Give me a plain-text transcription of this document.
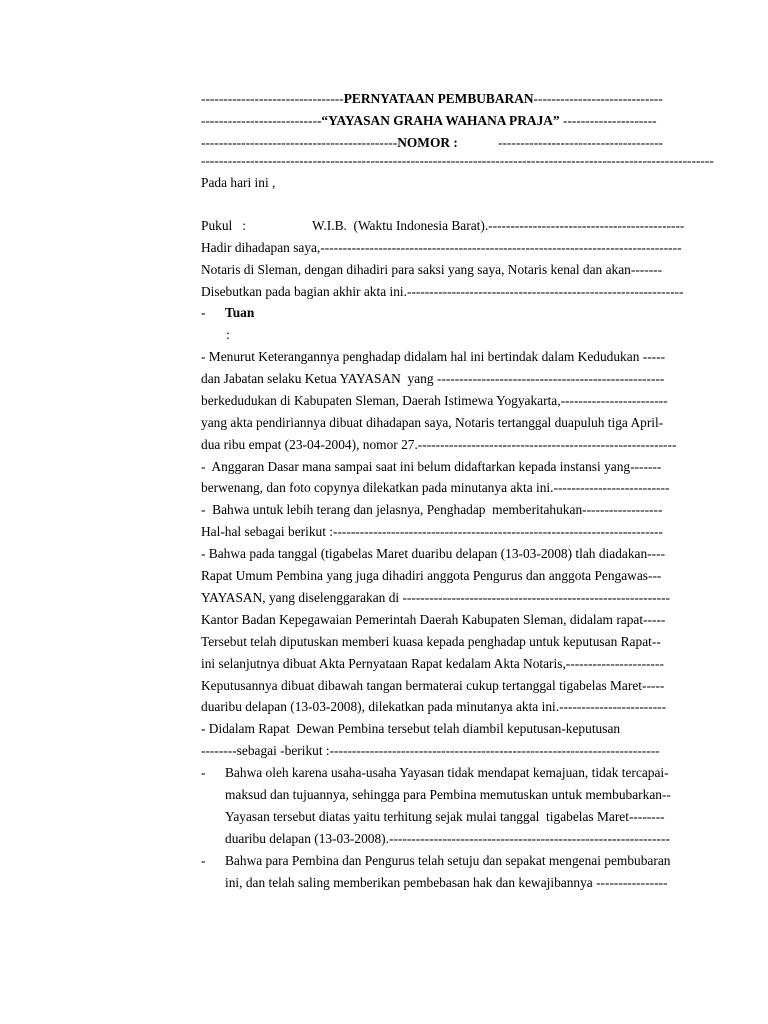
--------------------------------PERNYATAAN PEMBUBARAN-----------------------------
---------------------------“YAYASAN GRAHA WAHANA PRAJA” ---------------------
--------------------------------------------NOMOR :            -------------------------------------
-------------------------------------------------------------------------------------------------------------------
Pada hari ini ,
Pukul   :	W.I.B.  (Waktu Indonesia Barat).--------------------------------------------
Hadir dihadapan saya,---------------------------------------------------------------------------------
Notaris di Sleman, dengan dihadiri para saksi yang saya, Notaris kenal dan akan-------
Disebutkan pada bagian akhir akta ini.--------------------------------------------------------------
- Tuan
:
- Menurut Keterangannya penghadap didalam hal ini bertindak dalam Kedudukan -----
dan Jabatan selaku Ketua YAYASAN  yang ---------------------------------------------------
berkedudukan di Kabupaten Sleman, Daerah Istimewa Yogyakarta,------------------------
yang akta pendiriannya dibuat dihadapan saya, Notaris tertanggal duapuluh tiga April-
dua ribu empat (23-04-2004), nomor 27.----------------------------------------------------------
-  Anggaran Dasar mana sampai saat ini belum didaftarkan kepada instansi yang-------
berwenang, dan foto copynya dilekatkan pada minutanya akta ini.--------------------------
-  Bahwa untuk lebih terang dan jelasnya, Penghadap  memberitahukan------------------
Hal-hal sebagai berikut :--------------------------------------------------------------------------
- Bahwa pada tanggal (tigabelas Maret duaribu delapan (13-03-2008) tlah diadakan----
Rapat Umum Pembina yang juga dihadiri anggota Pengurus dan anggota Pengawas---
YAYASAN, yang diselenggarakan di ------------------------------------------------------------
Kantor Badan Kepegawaian Pemerintah Daerah Kabupaten Sleman, didalam rapat-----
Tersebut telah diputuskan memberi kuasa kepada penghadap untuk keputusan Rapat--
ini selanjutnya dibuat Akta Pernyataan Rapat kedalam Akta Notaris,----------------------
Keputusannya dibuat dibawah tangan bermaterai cukup tertanggal tigabelas Maret-----
duaribu delapan (13-03-2008), dilekatkan pada minutanya akta ini.------------------------
- Didalam Rapat  Dewan Pembina tersebut telah diambil keputusan-keputusan
--------sebagai -berikut :--------------------------------------------------------------------------
- Bahwa oleh karena usaha-usaha Yayasan tidak mendapat kemajuan, tidak tercapai-
maksud dan tujuannya, sehingga para Pembina memutuskan untuk membubarkan--
Yayasan tersebut diatas yaitu terhitung sejak mulai tanggal  tigabelas Maret--------
duaribu delapan (13-03-2008).---------------------------------------------------------------
- Bahwa para Pembina dan Pengurus telah setuju dan sepakat mengenai pembubaran
ini, dan telah saling memberikan pembebasan hak dan kewajibannya ----------------
